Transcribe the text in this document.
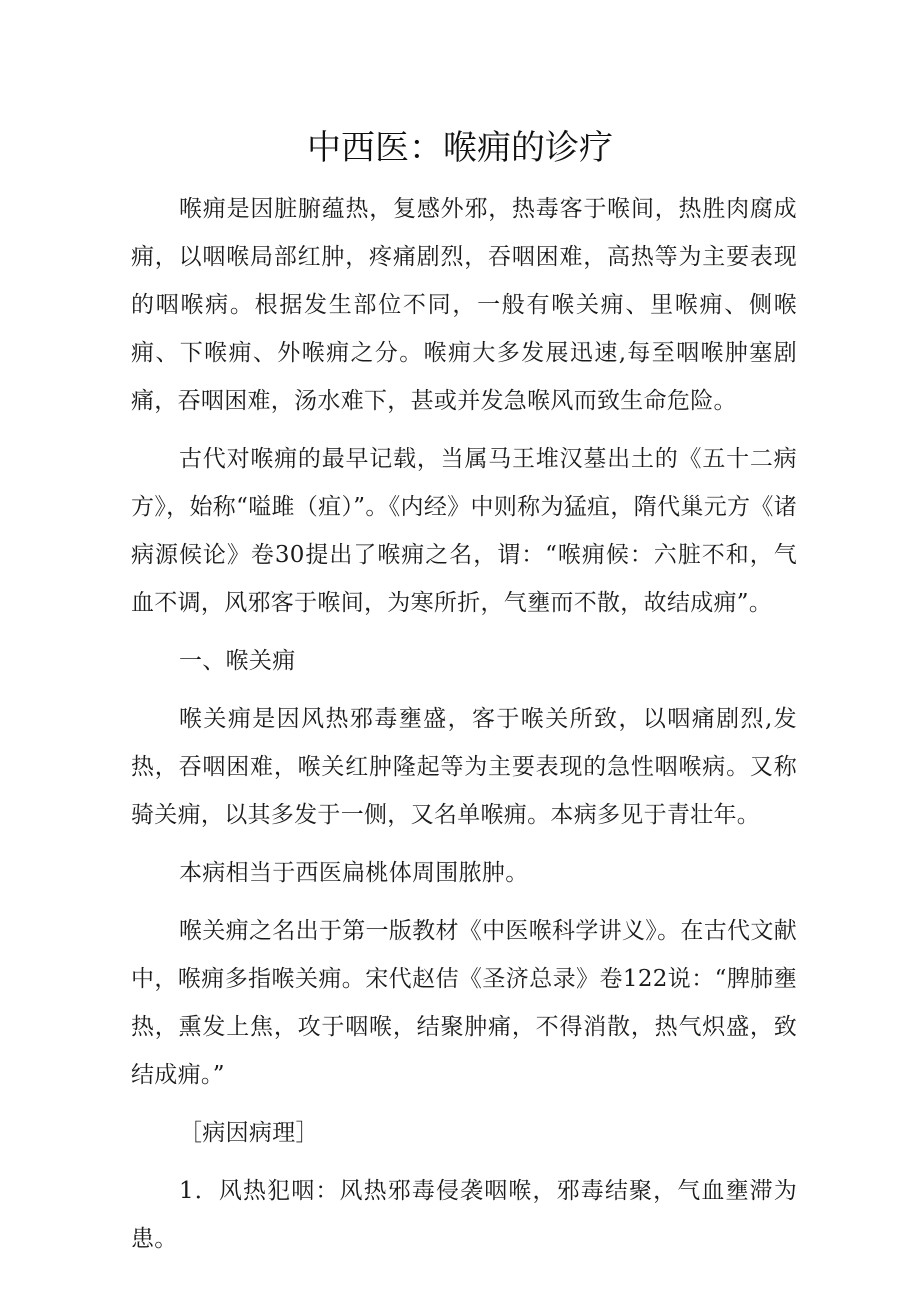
中西医：喉痈的诊疗

喉痈是因脏腑蕴热，复感外邪，热毒客于喉间，热胜肉腐成痈，以咽喉局部红肿，疼痛剧烈，吞咽困难，高热等为主要表现的咽喉病。根据发生部位不同，一般有喉关痈、里喉痈、侧喉痈、下喉痈、外喉痈之分。喉痈大多发展迅速,每至咽喉肿塞剧痛，吞咽困难，汤水难下，甚或并发急喉风而致生命危险。

古代对喉痈的最早记载，当属马王堆汉墓出土的《五十二病方》，始称“嗌雎（疽）”。《内经》中则称为猛疽，隋代巢元方《诸病源候论》卷30提出了喉痈之名，谓：“喉痈候：六脏不和，气血不调，风邪客于喉间，为寒所折，气壅而不散，故结成痈”。

一、喉关痈

喉关痈是因风热邪毒壅盛，客于喉关所致，以咽痛剧烈,发热，吞咽困难，喉关红肿隆起等为主要表现的急性咽喉病。又称骑关痈，以其多发于一侧，又名单喉痈。本病多见于青壮年。

本病相当于西医扁桃体周围脓肿。

喉关痈之名出于第一版教材《中医喉科学讲义》。在古代文献中，喉痈多指喉关痈。宋代赵佶《圣济总录》卷122说：“脾肺壅热，熏发上焦，攻于咽喉，结聚肿痛，不得消散，热气炽盛，致结成痈。”

［病因病理］

1．风热犯咽：风热邪毒侵袭咽喉，邪毒结聚，气血壅滞为患。
